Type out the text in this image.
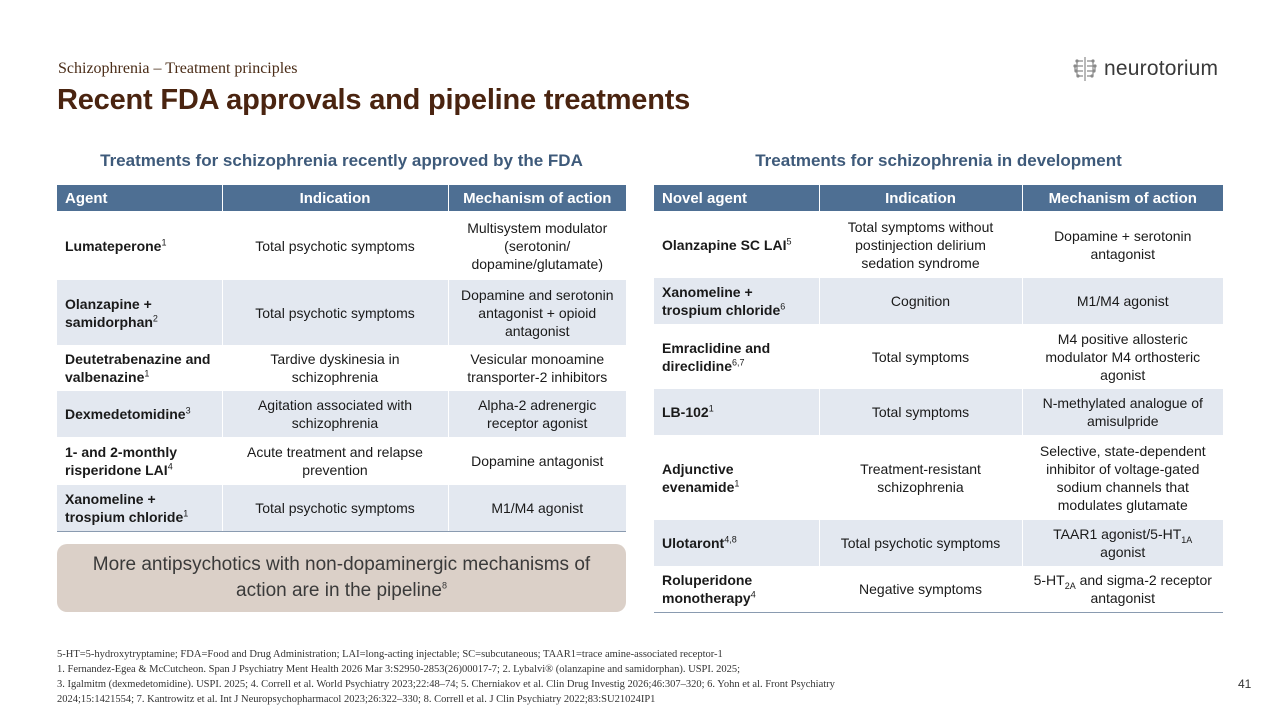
Schizophrenia – Treatment principles
Recent FDA approvals and pipeline treatments
neurotorium
Treatments for schizophrenia recently approved by the FDA	Treatments for schizophrenia in development
Agent	Indication	Mechanism of action
Lumateperone$^1$	Total psychotic symptoms	Multisystem modulator (serotonin/ dopamine/glutamate)
Olanzapine + samidorphan$^2$	Total psychotic symptoms	Dopamine and serotonin antagonist + opioid antagonist
Deutetrabenazine and valbenazine$^1$	Tardive dyskinesia in schizophrenia	Vesicular monoamine transporter-2 inhibitors
Dexmedetomidine$^3$	Agitation associated with schizophrenia	Alpha-2 adrenergic receptor agonist
1- and 2-monthly risperidone LAI$^4$	Acute treatment and relapse prevention	Dopamine antagonist
Xanomeline + trospium chloride$^1$	Total psychotic symptoms	M1/M4 agonist
Novel agent	Indication	Mechanism of action
Olanzapine SC LAI$^5$	Total symptoms without postinjection delirium sedation syndrome	Dopamine + serotonin antagonist
Xanomeline + trospium chloride$^6$	Cognition	M1/M4 agonist
Emraclidine and direclidine$^{6,7}$	Total symptoms	M4 positive allosteric modulator M4 orthosteric agonist
$LB-102^1$	Total symptoms	N-methylated analogue of amisulpride
Adjunctive evenamide$^1$	Treatment-resistant schizophrenia	Selective, state-dependent inhibitor of voltage-gated sodium channels that modulates glutamate
Ulotaront$^{4,8}$	Total psychotic symptoms	TAAR1 agonist/$5-HT_{1A}$ agonist
Roluperidone monotherapy$^4$	Negative symptoms	$5-HT_{2A}$ and sigma-2 receptor antagonist
More antipsychotics with non-dopaminergic mechanisms of action are in the pipeline$^8$
5-HT=5-hydroxytryptamine; FDA=Food and Drug Administration; LAI=long-acting injectable; SC=subcutaneous; TAAR1=trace amine-associated receptor-1
1. Fernandez-Egea & McCutcheon. Span J Psychiatry Ment Health 2026 Mar 3:S2950-2853(26)00017-7; 2. Lybalvi® (olanzapine and samidorphan). USPI. 2025;
3. Igalmitm (dexmedetomidine). USPI. 2025; 4. Correll et al. World Psychiatry 2023;22:48–74; 5. Cherniakov et al. Clin Drug Investig 2026;46:307–320; 6. Yohn et al. Front Psychiatry
2024;15:1421554; 7. Kantrowitz et al. Int J Neuropsychopharmacol 2023;26:322–330; 8. Correll et al. J Clin Psychiatry 2022;83:SU21024IP1
41
